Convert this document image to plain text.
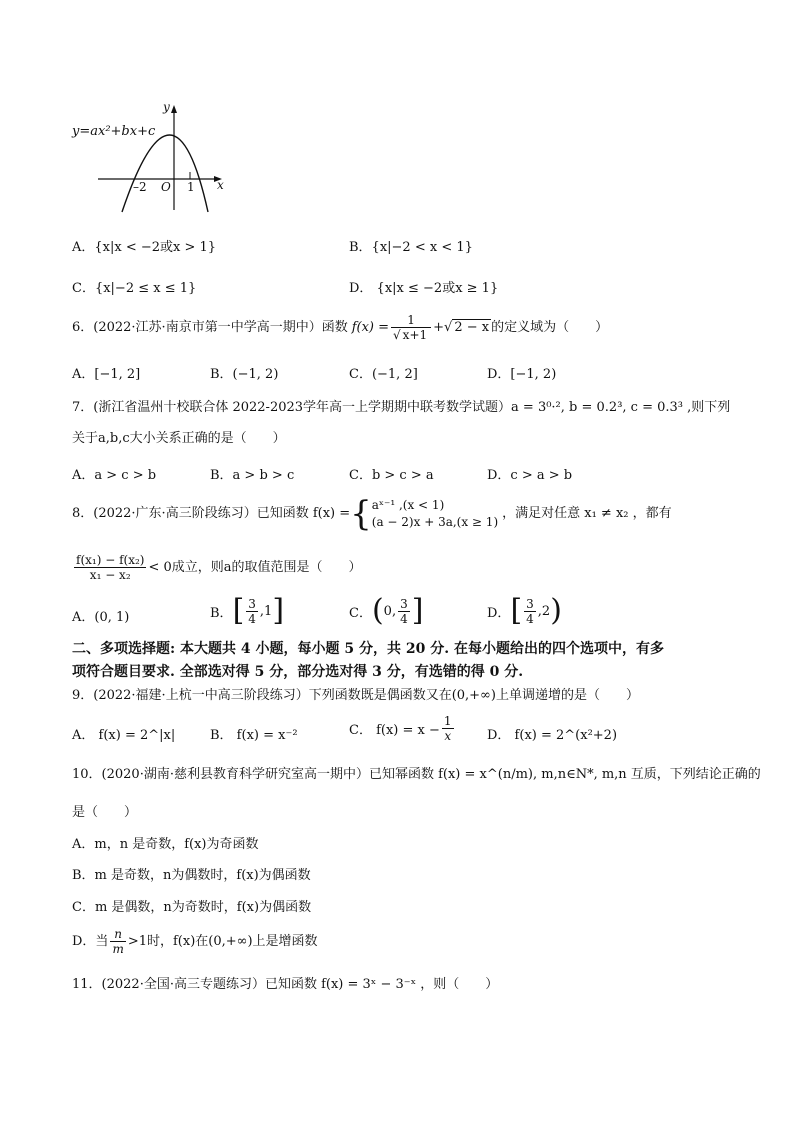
y=ax²+bx+c
y
x
–2 O 1
A．{x|x < −2或x > 1}	B．{x|−2 < x < 1}
C．{x|−2 ≤ x ≤ 1}	D． {x|x ≤ −2或x ≥ 1}
6．(2022·江苏·南京市第一中学高一期中）函数 $f(x) = \frac{1}{√ x+1}$ + √ 2 − x 的定义域为（　　）
A．[−1, 2]	B．(−1, 2)	C．(−1, 2]	D．[−1, 2)
7．(浙江省温州十校联合体 2022-2023学年高一上学期期中联考数学试题）a = 3⁰·², b = 0.2³, c = 0.3³ ,则下列
关于a,b,c大小关系正确的是（　　）
A．a > c > b	B．a > b > c	C．b > c > a	D．c > a > b
8．(2022·广东·高三阶段练习）已知函数 f(x) = { aˣ⁻¹ ,(x < 1)
(a − 2)x + 3a,(x ≥ 1)
，满足对任意 x₁ ≠ x₂ ，都有
$\frac{\text{f(x₁) − f(x₂)}}{\text{x₁ − x₂}} < 0$成立，则a的取值范围是（　　）
A．(0, 1)	B． [ $\frac{3}{4} ,1$ ]	C． ( 0, $\frac{3}{4}$ ]	D． [ $\frac{3}{4} ,2$ )
二、多项选择题: 本大题共 4 小题，每小题 5 分，共 20 分. 在每小题给出的四个选项中，有多
项符合题目要求. 全部选对得 5 分，部分选对得 3 分，有选错的得 0 分.
9．(2022·福建·上杭一中高三阶段练习）下列函数既是偶函数又在(0,+∞)上单调递增的是（　　）
A． f(x) = 2^|x|	B． f(x) = x⁻²	C． $f(x) = x - \frac{1}{x}$	D． f(x) = 2^(x²+2)
10．(2020·湖南·慈利县教育科学研究室高一期中）已知幂函数 f(x) = x^(n/m), m,n∈N*, m,n 互质，下列结论正确的
是（　　）
A．m，n 是奇数，f(x)为奇函数
B．m 是奇数，n为偶数时，f(x)为偶函数
C．m 是偶数，n为奇数时，f(x)为偶函数
D．当 $\frac{n}{m} >1$时，f(x)在(0,+∞)上是增函数
11．(2022·全国·高三专题练习）已知函数 f(x) = 3ˣ − 3⁻ˣ ，则（　　）
